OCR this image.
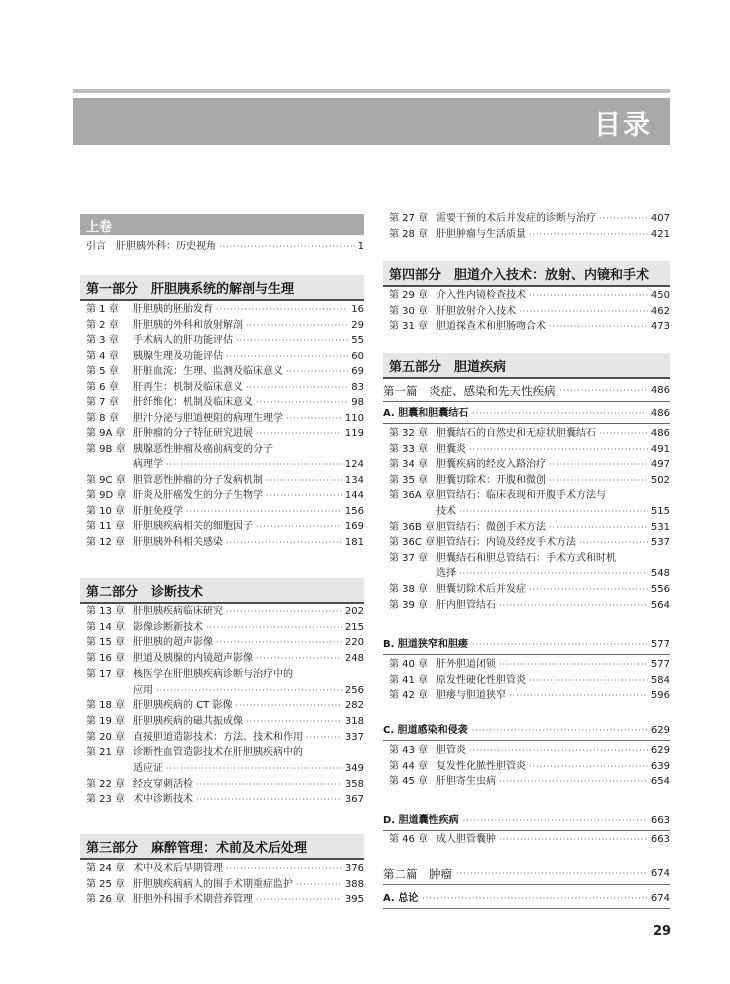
目录
上卷
引言　肝胆胰外科：历史视角 ·····	1
第一部分　肝胆胰系统的解剖与生理
第 1 章	肝胆胰的胚胎发育 ·····	16
第 2 章	肝胆胰的外科和放射解剖 ·····	29
第 3 章	手术病人的肝功能评估 ·····	55
第 4 章	胰腺生理及功能评估 ·····	60
第 5 章	肝脏血流：生理、监测及临床意义 ·····	69
第 6 章	肝再生：机制及临床意义 ·····	83
第 7 章	肝纤维化：机制及临床意义 ·····	98
第 8 章	胆汁分泌与胆道梗阻的病理生理学 ·····	110
第 9A 章 肝肿瘤的分子特征研究进展 ·····	119
第 9B 章 胰腺恶性肿瘤及癌前病变的分子
病理学 ·····	124
第 9C 章 胆管恶性肿瘤的分子发病机制 ·····	134
第 9D 章 肝炎及肝癌发生的分子生物学 ·····	144
第 10 章 肝脏免疫学 ·····	156
第 11 章 肝胆胰疾病相关的细胞因子 ·····	169
第 12 章 肝胆胰外科相关感染 ·····	181
第二部分　诊断技术
第 13 章 肝胆胰疾病临床研究 ·····	202
第 14 章 影像诊断新技术 ·····	215
第 15 章 肝胆胰的超声影像 ·····	220
第 16 章 胆道及胰腺的内镜超声影像 ·····	248
第 17 章 核医学在肝胆胰疾病诊断与治疗中的
应用 ·····	256
第 18 章 肝胆胰疾病的 CT 影像 ·····	282
第 19 章 肝胆胰疾病的磁共振成像 ·····	318
第 20 章 直接胆道造影技术：方法、技术和作用 ·····	337
第 21 章 诊断性血管造影技术在肝胆胰疾病中的
适应证 ·····	349
第 22 章 经皮穿刺活检 ·····	358
第 23 章 术中诊断技术 ·····	367
第三部分　麻醉管理：术前及术后处理
第 24 章 术中及术后早期管理 ·····	376
第 25 章 肝胆胰疾病病人的围手术期重症监护 ·····	388
第 26 章 肝胆外科围手术期营养管理 ·····	395
第 27 章 需要干预的术后并发症的诊断与治疗 ·····	407
第 28 章 肝胆肿瘤与生活质量 ·····	421
第四部分　胆道介入技术：放射、内镜和手术
第 29 章 介入性内镜检查技术 ·····	450
第 30 章 肝胆放射介入技术 ·····	462
第 31 章 胆道探查术和胆肠吻合术 ·····	473
第五部分　胆道疾病
第一篇　炎症、感染和先天性疾病 ·····	486
A. 胆囊和胆囊结石 ·····	486
第 32 章 胆囊结石的自然史和无症状胆囊结石 ·····	486
第 33 章 胆囊炎 ·····	491
第 34 章 胆囊疾病的经皮入路治疗 ·····	497
第 35 章 胆囊切除术：开腹和微创 ·····	502
第 36A 章 胆管结石：临床表现和开腹手术方法与
技术 ·····	515
第 36B 章 胆管结石：微创手术方法 ·····	531
第 36C 章 胆管结石：内镜及经皮手术方法 ·····	537
第 37 章 胆囊结石和胆总管结石：手术方式和时机
选择 ·····	548
第 38 章 胆囊切除术后并发症 ·····	556
第 39 章 肝内胆管结石 ·····	564
B. 胆道狭窄和胆瘘 ·····	577
第 40 章 肝外胆道闭锁 ·····	577
第 41 章 原发性硬化性胆管炎 ·····	584
第 42 章 胆瘘与胆道狭窄 ·····	596
C. 胆道感染和侵袭 ·····	629
第 43 章 胆管炎 ·····	629
第 44 章 复发性化脓性胆管炎 ·····	639
第 45 章 肝胆寄生虫病 ·····	654
D. 胆道囊性疾病 ·····	663
第 46 章 成人胆管囊肿 ·····	663
第二篇　肿瘤 ·····	674
A. 总论 ·····	674
29
